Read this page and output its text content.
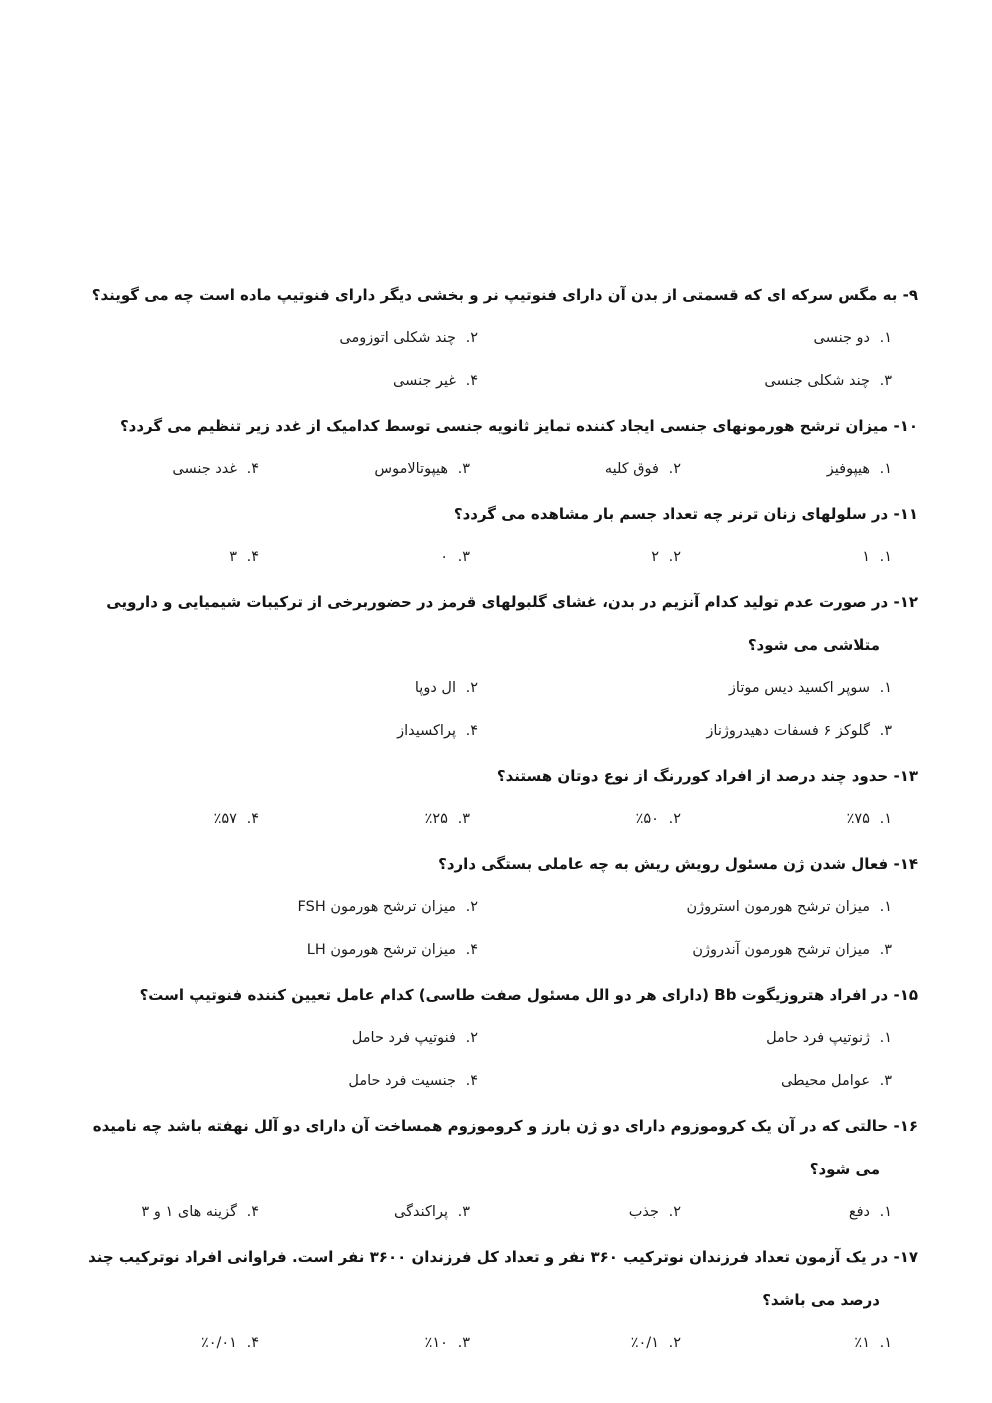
۹- به مگس سرکه ای که قسمتی از بدن آن دارای فنوتیپ نر و بخشی دیگر دارای فنوتیپ ماده است چه می گویند؟

۱. دو جنسی
۲. چند شکلی اتوزومی
۳. چند شکلی جنسی
۴. غیر جنسی

۱۰- میزان ترشح هورمونهای جنسی ایجاد کننده تمایز ثانویه جنسی توسط کدامیک از غدد زیر تنظیم می گردد؟

۱. هیپوفیز
۲. فوق کلیه
۳. هیپوتالاموس
۴. غدد جنسی

۱۱- در سلولهای زنان ترنر چه تعداد جسم بار مشاهده می گردد؟

۱. ۱
۲. ۲
۳. ۰
۴. ۳

۱۲- در صورت عدم تولید کدام آنزیم در بدن، غشای گلبولهای قرمز در حضوربرخی از ترکیبات شیمیایی و دارویی متلاشی می شود؟

۱. سوپر اکسید دیس موتاز
۲. ال دوپا
۳. گلوکز ۶ فسفات دهیدروژناز
۴. پراکسیداز

۱۳- حدود چند درصد از افراد کوررنگ از نوع دوتان هستند؟

۱. ٪۷۵
۲. ٪۵۰
۳. ٪۲۵
۴. ٪۵۷

۱۴- فعال شدن ژن مسئول رویش ریش به چه عاملی بستگی دارد؟

۱. میزان ترشح هورمون استروژن
۲. میزان ترشح هورمون FSH
۳. میزان ترشح هورمون آندروژن
۴. میزان ترشح هورمون LH

۱۵- در افراد هتروزیگوت Bb (دارای هر دو الل مسئول صفت طاسی) کدام عامل تعیین کننده فنوتیپ است؟

۱. ژنوتیپ فرد حامل
۲. فنوتیپ فرد حامل
۳. عوامل محیطی
۴. جنسیت فرد حامل

۱۶- حالتی که در آن یک کروموزوم دارای دو ژن بارز و کروموزوم همساخت آن دارای دو آلل نهفته باشد چه نامیده می شود؟

۱. دفع
۲. جذب
۳. پراکندگی
۴. گزینه های ۱ و ۳

۱۷- در یک آزمون تعداد فرزندان نوترکیب ۳۶۰ نفر و تعداد کل فرزندان ۳۶۰۰ نفر است. فراوانی افراد نوترکیب چند درصد می باشد؟

۱. ٪۱
۲. ٪۰/۱
۳. ٪۱۰
۴. ٪۰/۰۱
